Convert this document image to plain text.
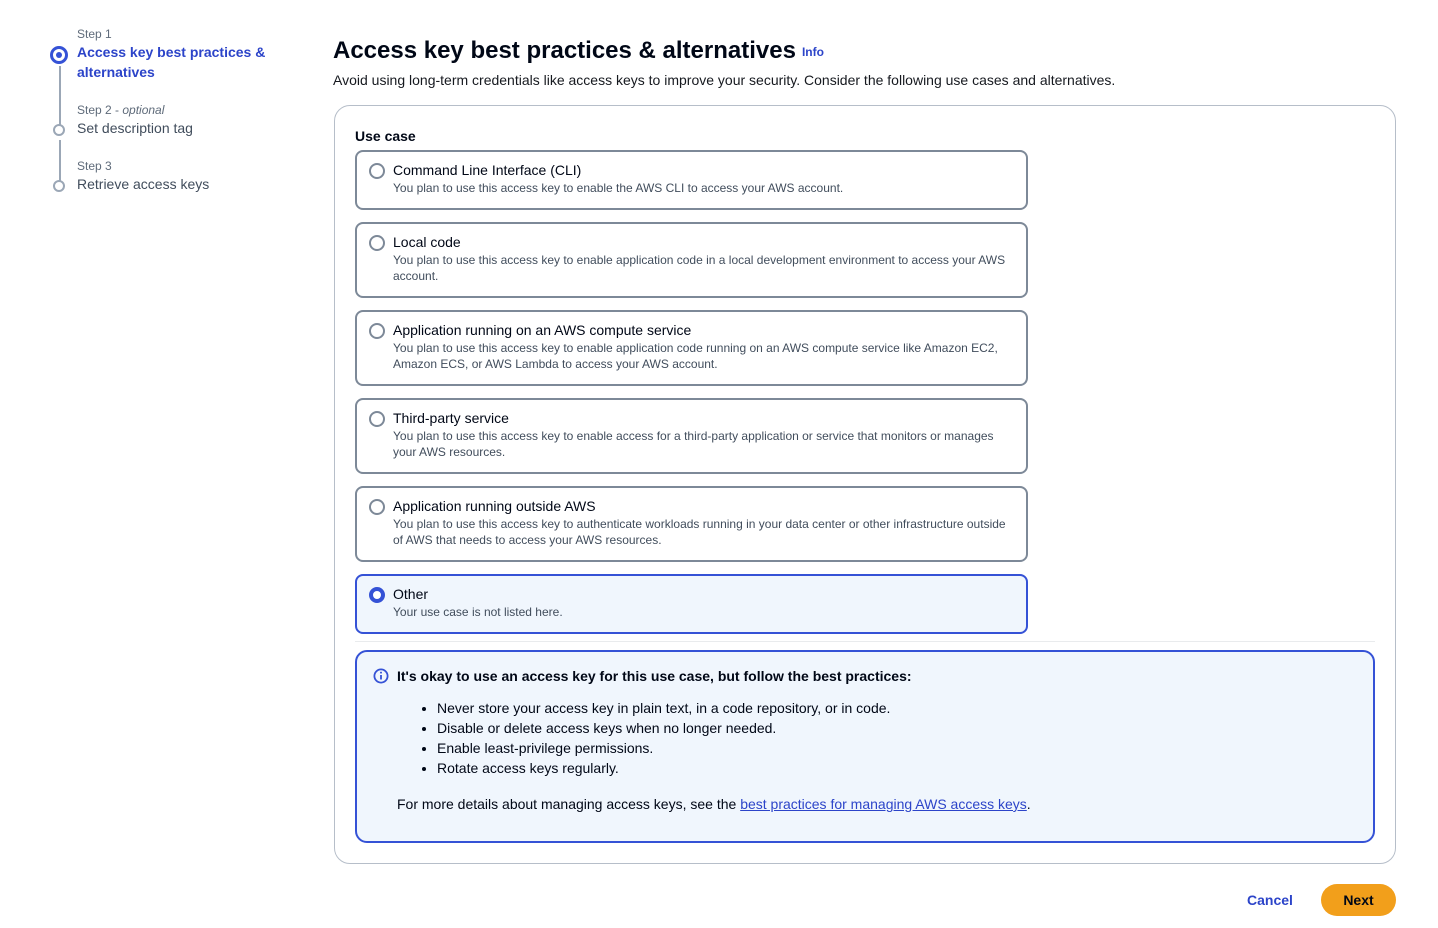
Step 1
Access key best practices & alternatives
Step 2 - optional
Set description tag
Step 3
Retrieve access keys
Access key best practices & alternatives Info

Avoid using long-term credentials like access keys to improve your security. Consider the following use cases and alternatives.

Use case
Command Line Interface (CLI)
You plan to use this access key to enable the AWS CLI to access your AWS account.
Local code
You plan to use this access key to enable application code in a local development environment to access your AWS account.
Application running on an AWS compute service
You plan to use this access key to enable application code running on an AWS compute service like Amazon EC2, Amazon ECS, or AWS Lambda to access your AWS account.
Third-party service
You plan to use this access key to enable access for a third-party application or service that monitors or manages your AWS resources.
Application running outside AWS
You plan to use this access key to authenticate workloads running in your data center or other infrastructure outside of AWS that needs to access your AWS resources.
Other
Your use case is not listed here.
It's okay to use an access key for this use case, but follow the best practices:
• Never store your access key in plain text, in a code repository, or in code.
• Disable or delete access keys when no longer needed.
• Enable least-privilege permissions.
• Rotate access keys regularly.
For more details about managing access keys, see the best practices for managing AWS access keys.
Cancel	Next
